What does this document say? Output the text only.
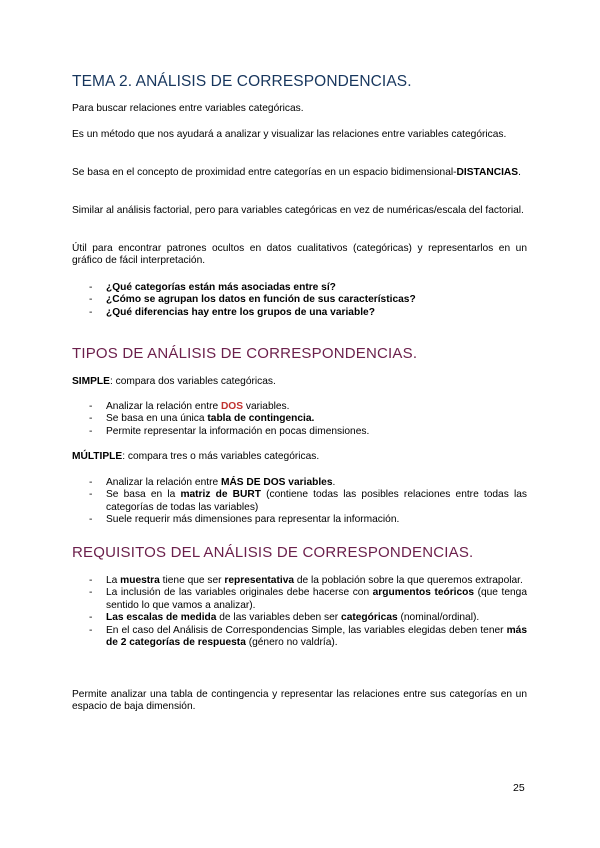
TEMA 2. ANÁLISIS DE CORRESPONDENCIAS.

Para buscar relaciones entre variables categóricas.

Es un método que nos ayudará a analizar y visualizar las relaciones entre variables categóricas.

Se basa en el concepto de proximidad entre categorías en un espacio bidimensional-DISTANCIAS.

Similar al análisis factorial, pero para variables categóricas en vez de numéricas/escala del factorial.

Útil para encontrar patrones ocultos en datos cualitativos (categóricas) y representarlos en un gráfico de fácil interpretación.

- ¿Qué categorías están más asociadas entre sí?
- ¿Cómo se agrupan los datos en función de sus características?
- ¿Qué diferencias hay entre los grupos de una variable?
TIPOS DE ANÁLISIS DE CORRESPONDENCIAS.

SIMPLE: compara dos variables categóricas.

- Analizar la relación entre DOS variables.
- Se basa en una única tabla de contingencia.
- Permite representar la información en pocas dimensiones.

MÚLTIPLE: compara tres o más variables categóricas.

- Analizar la relación entre MÁS DE DOS variables.
- Se basa en la matriz de BURT (contiene todas las posibles relaciones entre todas las categorías de todas las variables)
- Suele requerir más dimensiones para representar la información.
REQUISITOS DEL ANÁLISIS DE CORRESPONDENCIAS.
- La muestra tiene que ser representativa de la población sobre la que queremos extrapolar.
- La inclusión de las variables originales debe hacerse con argumentos teóricos (que tenga sentido lo que vamos a analizar).
- Las escalas de medida de las variables deben ser categóricas (nominal/ordinal).
- En el caso del Análisis de Correspondencias Simple, las variables elegidas deben tener más de 2 categorías de respuesta (género no valdría).

Permite analizar una tabla de contingencia y representar las relaciones entre sus categorías en un espacio de baja dimensión.

25
